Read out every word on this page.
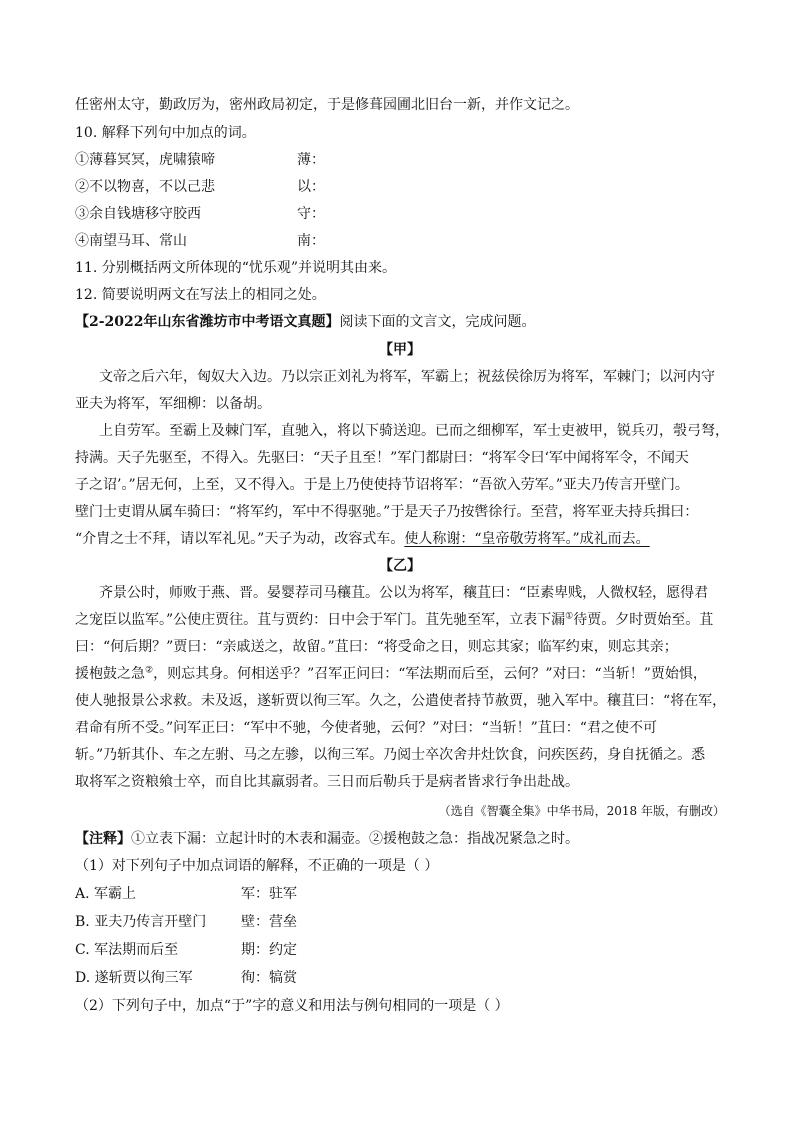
任密州太守，勤政厉为，密州政局初定，于是修葺园圃北旧台一新，并作文记之。
10. 解释下列句中加点的词。
①薄暮冥冥，虎啸猿啼	薄：
②不以物喜，不以己悲	以：
③余自钱塘移守胶西	守：
④南望马耳、常山	南：
11. 分别概括两文所体现的“忧乐观”并说明其由来。
12. 简要说明两文在写法上的相同之处。
【2-2022年山东省潍坊市中考语文真题】阅读下面的文言文，完成问题。
【甲】
文帝之后六年，匈奴大入边。乃以宗正刘礼为将军，军霸上；祝兹侯徐厉为将军，军棘门；以河内守
亚夫为将军，军细柳：以备胡。
上自劳军。至霸上及棘门军，直驰入，将以下骑送迎。已而之细柳军，军士吏被甲，锐兵刃，彀弓弩，
持满。天子先驱至，不得入。先驱曰：“天子且至！”军门都尉曰：“将军令曰‘军中闻将军令，不闻天
子之诏’。”居无何，上至，又不得入。于是上乃使使持节诏将军：“吾欲入劳军。”亚夫乃传言开壁门。
壁门士吏谓从属车骑曰：“将军约，军中不得驱驰。”于是天子乃按辔徐行。至营，将军亚夫持兵揖曰：
“介胄之士不拜，请以军礼见。”天子为动，改容式车。使人称谢：“皇帝敬劳将军。”成礼而去。
【乙】
齐景公时，师败于燕、晋。晏婴荐司马穰苴。公以为将军，穰苴曰：“臣素卑贱，人微权轻，愿得君
之宠臣以监军。”公使庄贾往。苴与贾约：日中会于军门。苴先驰至军，立表下漏①待贾。夕时贾始至。苴
曰：“何后期？”贾曰：“亲戚送之，故留。”苴曰：“将受命之日，则忘其家；临军约束，则忘其亲；
援枹鼓之急②，则忘其身。何相送乎？”召军正问曰：“军法期而后至，云何？”对曰：“当斩！”贾始惧，
使人驰报景公求救。未及返，遂斩贾以徇三军。久之，公遣使者持节赦贾，驰入军中。穰苴曰：“将在军，
君命有所不受。”问军正曰：“军中不驰，今使者驰，云何？”对曰：“当斩！”苴曰：“君之使不可
斩。”乃斩其仆、车之左驸、马之左骖，以徇三军。乃阅士卒次舍井灶饮食，问疾医药，身自抚循之。悉
取将军之资粮飨士卒，而自比其羸弱者。三日而后勒兵于是病者皆求行争出赴战。
（选自《智囊全集》中华书局，2018 年版，有删改）
【注释】①立表下漏：立起计时的木表和漏壶。②援枹鼓之急：指战况紧急之时。
（1）对下列句子中加点词语的解释，不正确的一项是（ ）
A. 军霸上	军：驻军
B. 亚夫乃传言开壁门 壁：营垒
C. 军法期而后至	期：约定
D. 遂斩贾以徇三军	徇：犒赏
（2）下列句子中，加点“于”字的意义和用法与例句相同的一项是（ ）
